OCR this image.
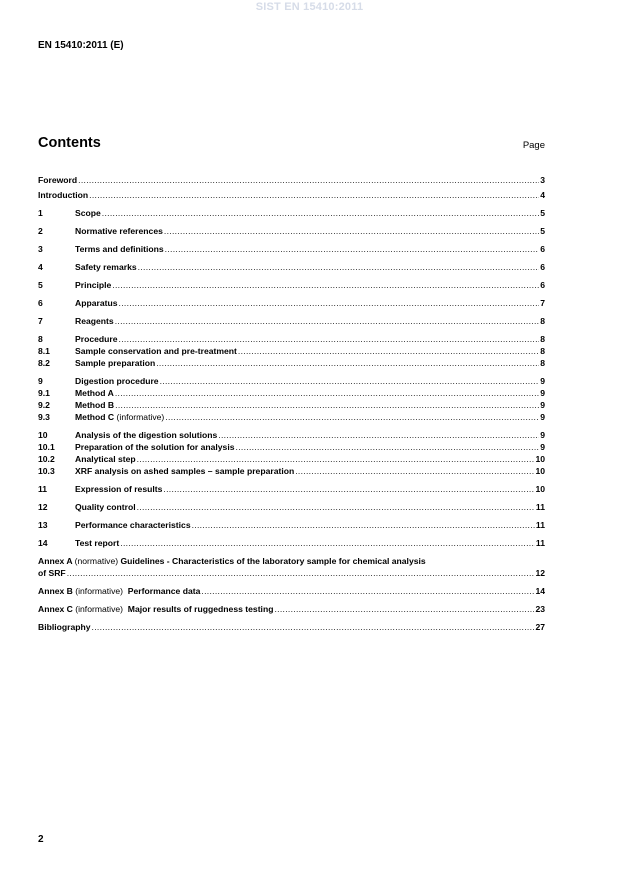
SIST EN 15410:2011
EN 15410:2011 (E)
Contents	Page
Foreword .....	3
Introduction .....	4
1	Scope .....	5
2	Normative references .....	5
3	Terms and definitions .....	6
4	Safety remarks .....	6
5	Principle .....	6
6	Apparatus .....	7
7	Reagents .....	8
8	Procedure .....	8
8.1	Sample conservation and pre-treatment .....	8
8.2	Sample preparation .....	8
9	Digestion procedure .....	9
9.1	Method A .....	9
9.2	Method B .....	9
9.3	Method C (informative) .....	9
10	Analysis of the digestion solutions .....	9
10.1	Preparation of the solution for analysis .....	9
10.2	Analytical step .....	10
10.3	XRF analysis on ashed samples – sample preparation .....	10
11	Expression of results .....	10
12	Quality control .....	11
13	Performance characteristics .....	11
14	Test report .....	11
Annex A (normative) Guidelines - Characteristics of the laboratory sample for chemical analysis
of SRF .....	12
Annex B (informative) Performance data .....	14
Annex C (informative) Major results of ruggedness testing .....	23
Bibliography .....	27
2
